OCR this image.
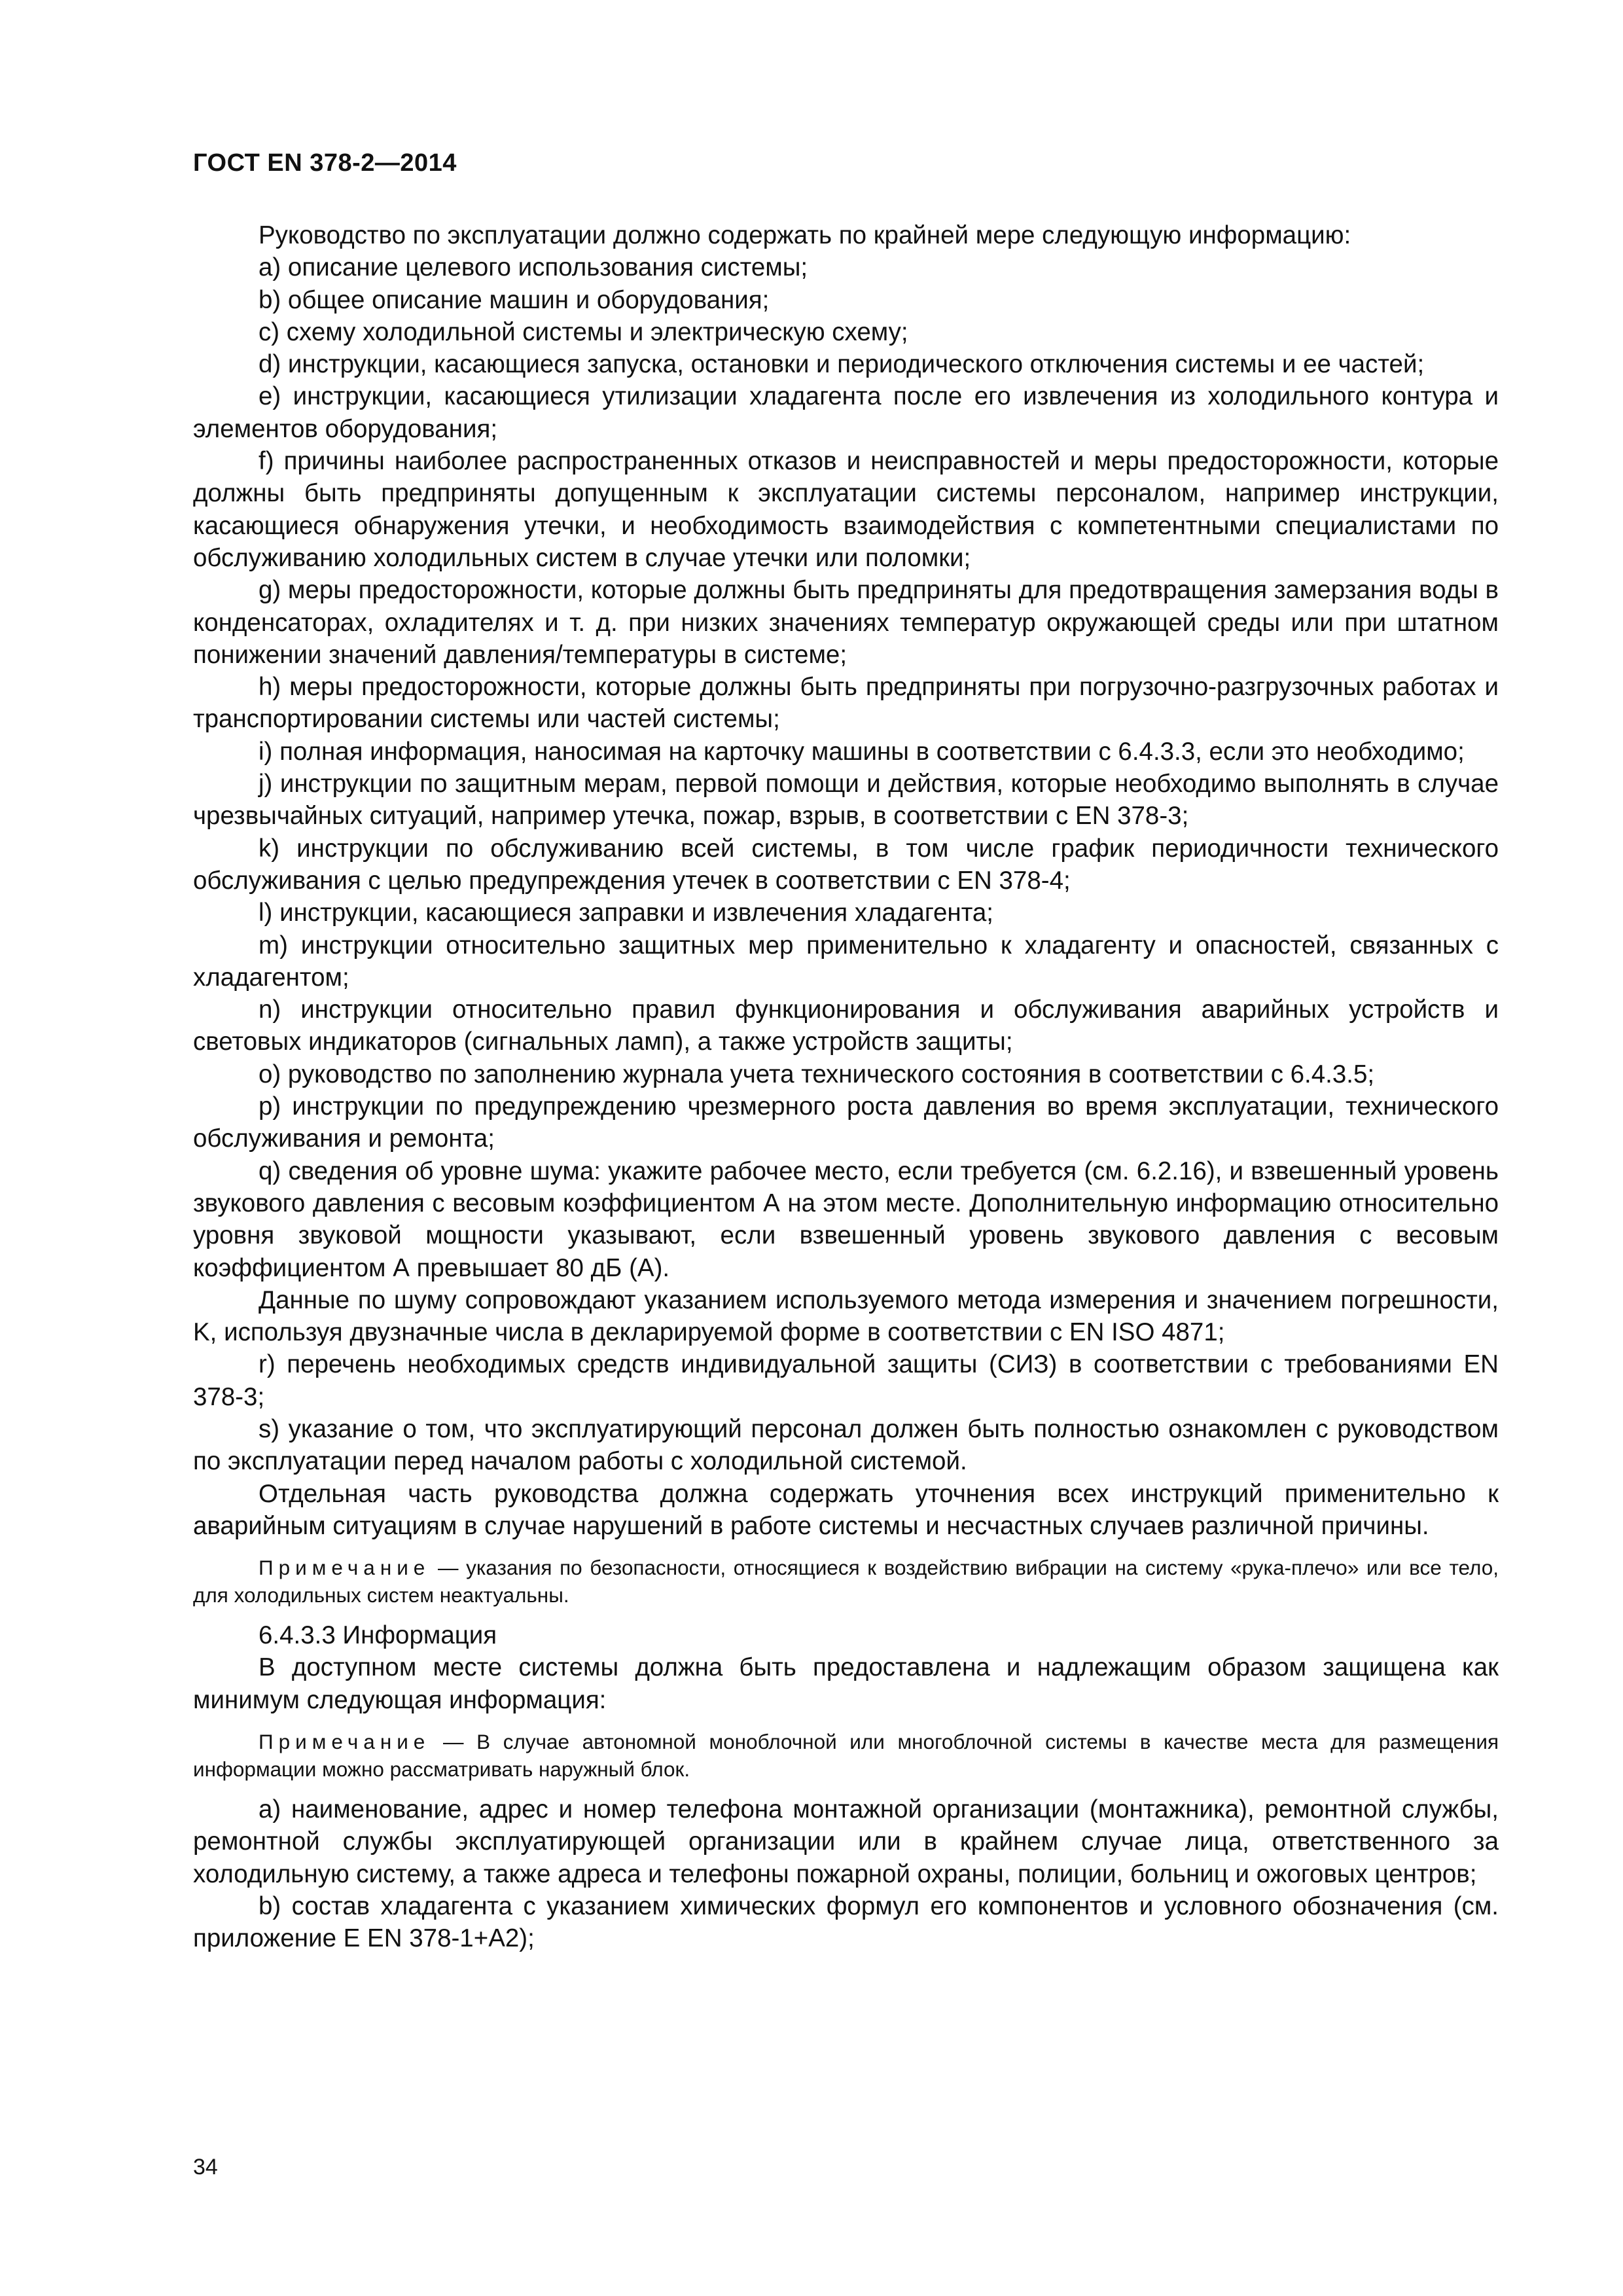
ГОСТ EN 378-2—2014

Руководство по эксплуатации должно содержать по крайней мере следующую информацию:

a) описание целевого использования системы;

b) общее описание машин и оборудования;

c) схему холодильной системы и электрическую схему;

d) инструкции, касающиеся запуска, остановки и периодического отключения системы и ее частей;

e) инструкции, касающиеся утилизации хладагента после его извлечения из холодильного контура и элементов оборудования;

f) причины наиболее распространенных отказов и неисправностей и меры предосторожности, которые должны быть предприняты допущенным к эксплуатации системы персоналом, например инструкции, касающиеся обнаружения утечки, и необходимость взаимодействия с компетентными специалистами по обслуживанию холодильных систем в случае утечки или поломки;

g) меры предосторожности, которые должны быть предприняты для предотвращения замерзания воды в конденсаторах, охладителях и т. д. при низких значениях температур окружающей среды или при штатном понижении значений давления/температуры в системе;

h) меры предосторожности, которые должны быть предприняты при погрузочно-разгрузочных работах и транспортировании системы или частей системы;

i) полная информация, наносимая на карточку машины в соответствии с 6.4.3.3, если это необходимо;

j) инструкции по защитным мерам, первой помощи и действия, которые необходимо выполнять в случае чрезвычайных ситуаций, например утечка, пожар, взрыв, в соответствии с EN 378-3;

k) инструкции по обслуживанию всей системы, в том числе график периодичности технического обслуживания с целью предупреждения утечек в соответствии с EN 378-4;

l) инструкции, касающиеся заправки и извлечения хладагента;

m) инструкции относительно защитных мер применительно к хладагенту и опасностей, связанных с хладагентом;

n) инструкции относительно правил функционирования и обслуживания аварийных устройств и световых индикаторов (сигнальных ламп), а также устройств защиты;

o) руководство по заполнению журнала учета технического состояния в соответствии с 6.4.3.5;

p) инструкции по предупреждению чрезмерного роста давления во время эксплуатации, технического обслуживания и ремонта;

q) сведения об уровне шума: укажите рабочее место, если требуется (см. 6.2.16), и взвешенный уровень звукового давления с весовым коэффициентом А на этом месте. Дополнительную информацию относительно уровня звуковой мощности указывают, если взвешенный уровень звукового давления с весовым коэффициентом А превышает 80 дБ (А).

Данные по шуму сопровождают указанием используемого метода измерения и значением погрешности, K, используя двузначные числа в декларируемой форме в соответствии с EN ISO 4871;

r) перечень необходимых средств индивидуальной защиты (СИЗ) в соответствии с требованиями EN 378-3;

s) указание о том, что эксплуатирующий персонал должен быть полностью ознакомлен с руководством по эксплуатации перед началом работы с холодильной системой.

Отдельная часть руководства должна содержать уточнения всех инструкций применительно к аварийным ситуациям в случае нарушений в работе системы и несчастных случаев различной причины.

Примечание — указания по безопасности, относящиеся к воздействию вибрации на систему «рука-плечо» или все тело, для холодильных систем неактуальны.

6.4.3.3 Информация

В доступном месте системы должна быть предоставлена и надлежащим образом защищена как минимум следующая информация:

Примечание — В случае автономной моноблочной или многоблочной системы в качестве места для размещения информации можно рассматривать наружный блок.

a) наименование, адрес и номер телефона монтажной организации (монтажника), ремонтной службы, ремонтной службы эксплуатирующей организации или в крайнем случае лица, ответственного за холодильную систему, а также адреса и телефоны пожарной охраны, полиции, больниц и ожоговых центров;

b) состав хладагента с указанием химических формул его компонентов и условного обозначения (см. приложение E EN 378-1+A2);

34
